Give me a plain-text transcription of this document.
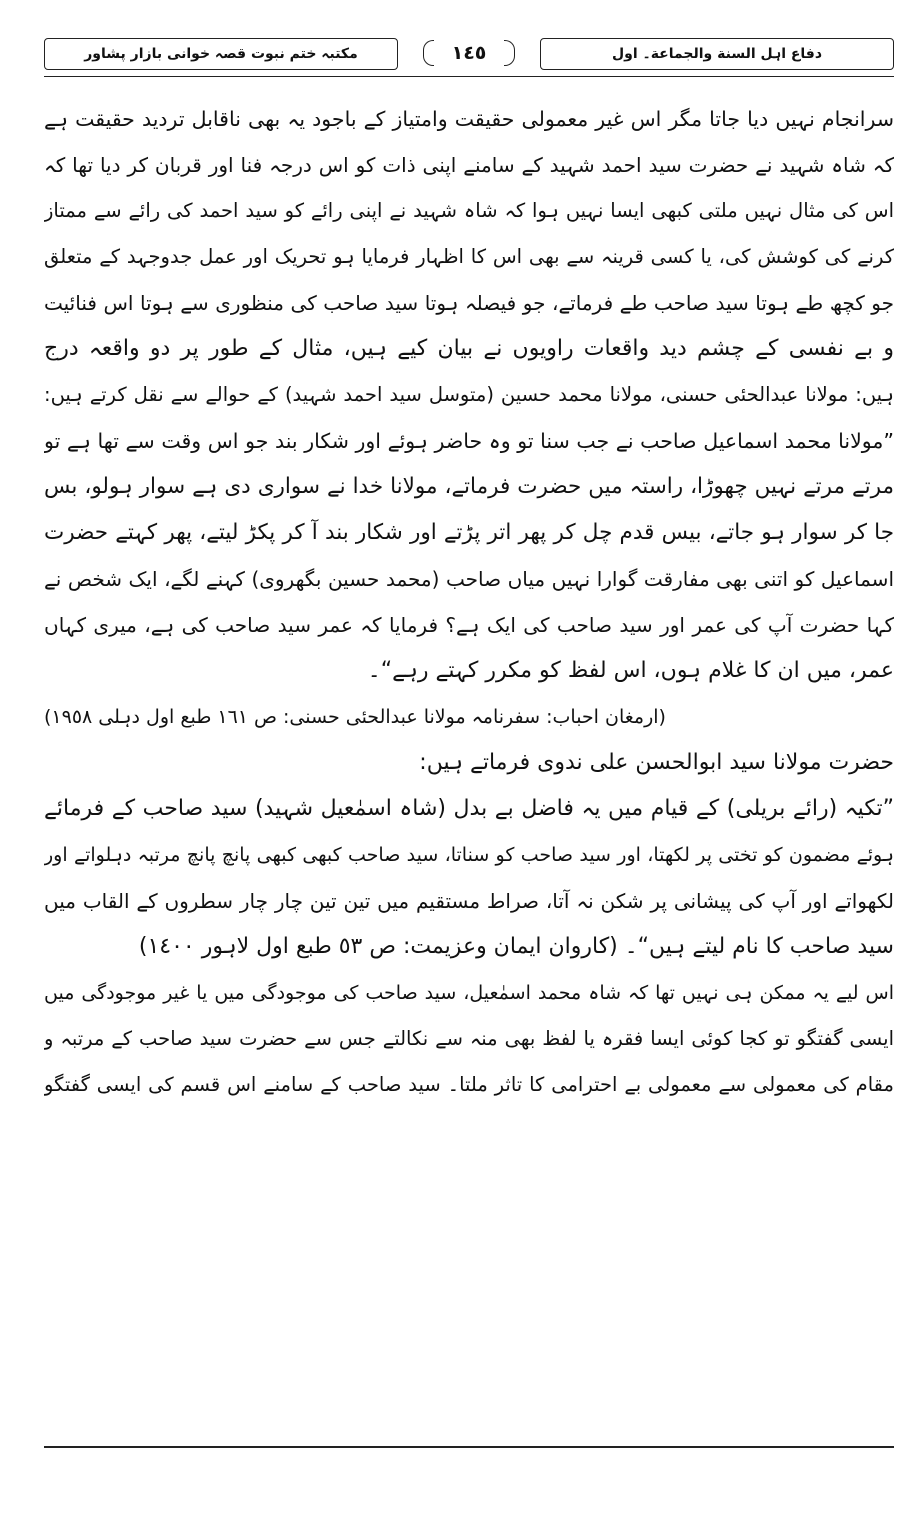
مکتبہ ختم نبوت قصہ خوانی بازار پشاور	١٤٥	دفاع اہل السنة والجماعة۔ اول
سرانجام نہیں دیا جاتا مگر اس غیر معمولی حقیقت وامتیاز کے باجود یہ بھی ناقابل تردید حقیقت ہے
کہ شاہ شہید نے حضرت سید احمد شہید کے سامنے اپنی ذات کو اس درجہ فنا اور قربان کر دیا تھا کہ
اس کی مثال نہیں ملتی کبھی ایسا نہیں ہوا کہ شاہ شہید نے اپنی رائے کو سید احمد کی رائے سے ممتاز
کرنے کی کوشش کی، یا کسی قرینہ سے بھی اس کا اظہار فرمایا ہو تحریک اور عمل جدوجہد کے متعلق
جو کچھ طے ہوتا سید صاحب طے فرماتے، جو فیصلہ ہوتا سید صاحب کی منظوری سے ہوتا اس فنائیت
و بے نفسی کے چشم دید واقعات راویوں نے بیان کیے ہیں، مثال کے طور پر دو واقعہ درج
ہیں: مولانا عبدالحئی حسنی، مولانا محمد حسین (متوسل سید احمد شہید) کے حوالے سے نقل کرتے ہیں:
”مولانا محمد اسماعیل صاحب نے جب سنا تو وہ حاضر ہوئے اور شکار بند جو اس وقت سے تھا ہے تو
مرتے مرتے نہیں چھوڑا، راستہ میں حضرت فرماتے، مولانا خدا نے سواری دی ہے سوار ہولو، بس
جا کر سوار ہو جاتے، بیس قدم چل کر پھر اتر پڑتے اور شکار بند آ کر پکڑ لیتے، پھر کہتے حضرت
اسماعیل کو اتنی بھی مفارقت گوارا نہیں میاں صاحب (محمد حسین بگھروی) کہنے لگے، ایک شخص نے
کہا حضرت آپ کی عمر اور سید صاحب کی ایک ہے؟ فرمایا کہ عمر سید صاحب کی ہے، میری کہاں
عمر، میں ان کا غلام ہوں، اس لفظ کو مکرر کہتے رہے“۔
(ارمغان احباب: سفرنامہ مولانا عبدالحئی حسنی: ص ١٦١ طبع اول دہلی ١٩٥٨)
حضرت مولانا سید ابوالحسن علی ندوی فرماتے ہیں:
”تکیہ (رائے بریلی) کے قیام میں یہ فاضل بے بدل (شاہ اسمٰعیل شہید) سید صاحب کے فرمائے
ہوئے مضمون کو تختی پر لکھتا، اور سید صاحب کو سناتا، سید صاحب کبھی کبھی پانچ پانچ مرتبہ دہلواتے اور
لکھواتے اور آپ کی پیشانی پر شکن نہ آتا، صراط مستقیم میں تین تین چار چار سطروں کے القاب میں
سید صاحب کا نام لیتے ہیں“۔ (کاروان ایمان وعزیمت: ص ٥٣ طبع اول لاہور ١٤٠٠)
اس لیے یہ ممکن ہی نہیں تھا کہ شاہ محمد اسمٰعیل، سید صاحب کی موجودگی میں یا غیر موجودگی میں
ایسی گفتگو تو کجا کوئی ایسا فقرہ یا لفظ بھی منہ سے نکالتے جس سے حضرت سید صاحب کے مرتبہ و
مقام کی معمولی سے معمولی بے احترامی کا تاثر ملتا۔ سید صاحب کے سامنے اس قسم کی ایسی گفتگو
